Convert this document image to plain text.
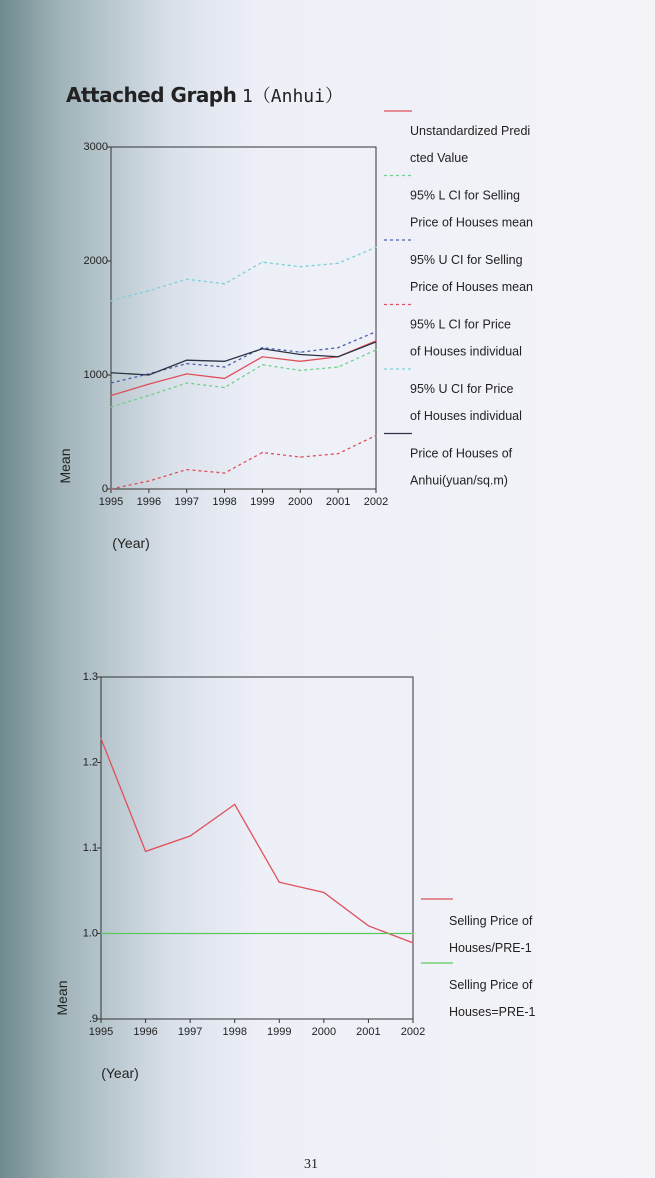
Attached Graph 1（Anhui）
0
1000
2000
3000
1995 1996 1997 1998 1999 2000 2001 2002
Mean
(Year)
Unstandardized Predi
cted Value
95% L CI for Selling
Price of Houses mean
95% U CI for Selling
Price of Houses mean
95% L CI for Price
of Houses individual
95% U CI for Price
of Houses individual
Price of Houses of
Anhui(yuan/sq.m)
.9
1.0
1.1
1.2
1.3
1995 1996 1997 1998 1999 2000 2001 2002
Mean
(Year)
Selling Price of
Houses/PRE-1
Selling Price of
Houses=PRE-1
31
